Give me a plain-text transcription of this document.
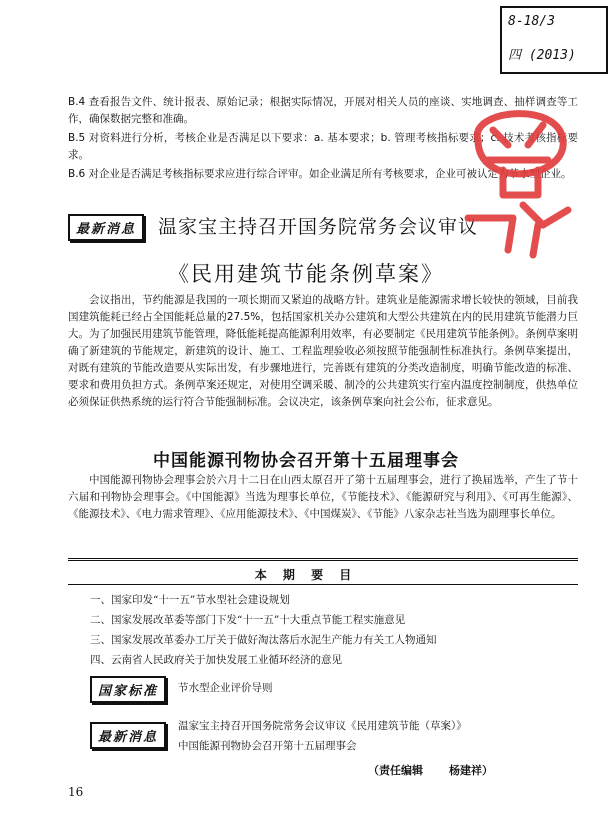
8-18/3
四 (2013)
B.4 查看报告文件、统计报表、原始记录；根据实际情况，开展对相关人员的座谈、实地调查、抽样调查等工作，确保数据完整和准确。
B.5 对资料进行分析，考核企业是否满足以下要求：a. 基本要求；b. 管理考核指标要求；c. 技术考核指标要求。
B.6 对企业是否满足考核指标要求应进行综合评审。如企业满足所有考核要求，企业可被认定为节水型企业。
最新消息	温家宝主持召开国务院常务会议审议
《民用建筑节能条例草案》
会议指出，节约能源是我国的一项长期而又紧迫的战略方针。建筑业是能源需求增长较快的领域，目前我国建筑能耗已经占全国能耗总量的27.5%，包括国家机关办公建筑和大型公共建筑在内的民用建筑节能潜力巨大。为了加强民用建筑节能管理，降低能耗提高能源利用效率，有必要制定《民用建筑节能条例》。条例草案明确了新建筑的节能规定，新建筑的设计、施工、工程监理验收必须按照节能强制性标准执行。条例草案提出，对既有建筑的节能改造要从实际出发，有步骤地进行，完善既有建筑的分类改造制度，明确节能改造的标准、要求和费用负担方式。条例草案还规定，对使用空调采暖、制冷的公共建筑实行室内温度控制制度，供热单位必须保证供热系统的运行符合节能强制标准。会议决定，该条例草案向社会公布，征求意见。
中国能源刊物协会召开第十五届理事会
中国能源刊物协会理事会於六月十二日在山西太原召开了第十五届理事会，进行了换届选举，产生了节十六届和刊物协会理事会。《中国能源》当选为理事长单位，《节能技术》、《能源研究与利用》、《可再生能源》、《能源技术》、《电力需求管理》、《应用能源技术》、《中国煤炭》、《节能》八家杂志社当选为副理事长单位。
本 期 要 目
一、国家印发“十一五”节水型社会建设规划
二、国家发展改革委等部门下发“十一五”十大重点节能工程实施意见
三、国家发展改革委办工厅关于做好淘汰落后水泥生产能力有关工人物通知
四、云南省人民政府关于加快发展工业循环经济的意见
国家标准	节水型企业评价导则
最新消息
温家宝主持召开国务院常务会议审议《民用建筑节能（草案）》
中国能源刊物协会召开第十五届理事会
（责任编辑 杨建祥）
16
